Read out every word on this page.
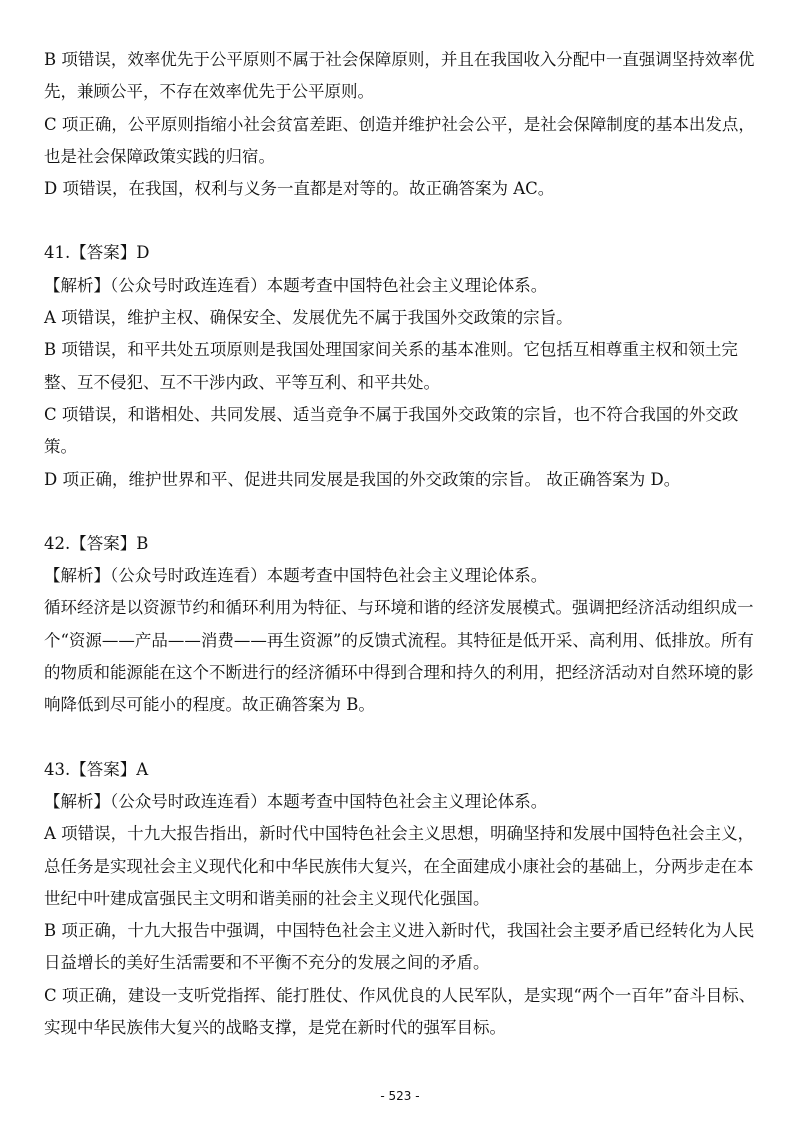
B 项错误，效率优先于公平原则不属于社会保障原则，并且在我国收入分配中一直强调坚持效率优先，兼顾公平，不存在效率优先于公平原则。

C 项正确，公平原则指缩小社会贫富差距、创造并维护社会公平，是社会保障制度的基本出发点，也是社会保障政策实践的归宿。

D 项错误，在我国，权利与义务一直都是对等的。故正确答案为 AC。

41.【答案】D

【解析】（公众号时政连连看）本题考查中国特色社会主义理论体系。

A 项错误，维护主权、确保安全、发展优先不属于我国外交政策的宗旨。

B 项错误，和平共处五项原则是我国处理国家间关系的基本准则。它包括互相尊重主权和领土完整、互不侵犯、互不干涉内政、平等互利、和平共处。

C 项错误，和谐相处、共同发展、适当竞争不属于我国外交政策的宗旨，也不符合我国的外交政策。

D 项正确，维护世界和平、促进共同发展是我国的外交政策的宗旨。 故正确答案为 D。

42.【答案】B

【解析】（公众号时政连连看）本题考查中国特色社会主义理论体系。

循环经济是以资源节约和循环利用为特征、与环境和谐的经济发展模式。强调把经济活动组织成一个“资源——产品——消费——再生资源”的反馈式流程。其特征是低开采、高利用、低排放。所有的物质和能源能在这个不断进行的经济循环中得到合理和持久的利用，把经济活动对自然环境的影响降低到尽可能小的程度。故正确答案为 B。

43.【答案】A

【解析】（公众号时政连连看）本题考查中国特色社会主义理论体系。

A 项错误，十九大报告指出，新时代中国特色社会主义思想，明确坚持和发展中国特色社会主义，总任务是实现社会主义现代化和中华民族伟大复兴，在全面建成小康社会的基础上，分两步走在本世纪中叶建成富强民主文明和谐美丽的社会主义现代化强国。

B 项正确，十九大报告中强调，中国特色社会主义进入新时代，我国社会主要矛盾已经转化为人民日益增长的美好生活需要和不平衡不充分的发展之间的矛盾。

C 项正确，建设一支听党指挥、能打胜仗、作风优良的人民军队，是实现“两个一百年”奋斗目标、实现中华民族伟大复兴的战略支撑，是党在新时代的强军目标。

- 523 -
